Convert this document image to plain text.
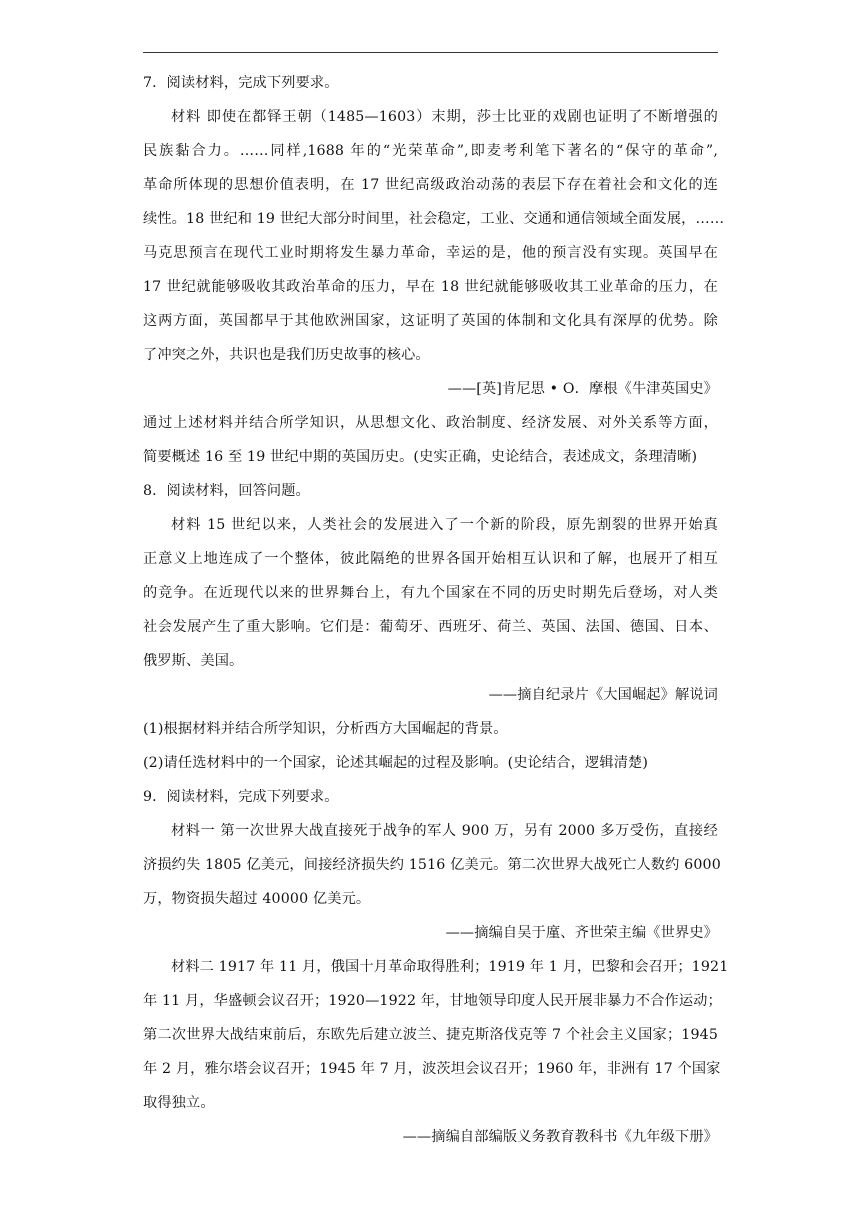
7．阅读材料，完成下列要求。
材料 即使在都铎王朝（1485—1603）末期，莎士比亚的戏剧也证明了不断增强的
民族黏合力。……同样,1688 年的“光荣革命”,即麦考利笔下著名的“保守的革命”,
革命所体现的思想价值表明，在 17 世纪高级政治动荡的表层下存在着社会和文化的连
续性。18 世纪和 19 世纪大部分时间里，社会稳定，工业、交通和通信领域全面发展，……
马克思预言在现代工业时期将发生暴力革命，幸运的是，他的预言没有实现。英国早在
17 世纪就能够吸收其政治革命的压力，早在 18 世纪就能够吸收其工业革命的压力，在
这两方面，英国都早于其他欧洲国家，这证明了英国的体制和文化具有深厚的优势。除
了冲突之外，共识也是我们历史故事的核心。
——[英]肯尼思 • O．摩根《牛津英国史》
通过上述材料并结合所学知识，从思想文化、政治制度、经济发展、对外关系等方面，
简要概述 16 至 19 世纪中期的英国历史。(史实正确，史论结合，表述成文，条理清晰)
8．阅读材料，回答问题。
材料 15 世纪以来，人类社会的发展进入了一个新的阶段，原先割裂的世界开始真
正意义上地连成了一个整体，彼此隔绝的世界各国开始相互认识和了解，也展开了相互
的竞争。在近现代以来的世界舞台上，有九个国家在不同的历史时期先后登场，对人类
社会发展产生了重大影响。它们是：葡萄牙、西班牙、荷兰、英国、法国、德国、日本、
俄罗斯、美国。
——摘自纪录片《大国崛起》解说词
(1)根据材料并结合所学知识，分析西方大国崛起的背景。
(2)请任选材料中的一个国家，论述其崛起的过程及影响。(史论结合，逻辑清楚)
9．阅读材料，完成下列要求。
材料一 第一次世界大战直接死于战争的军人 900 万，另有 2000 多万受伤，直接经
济损约失 1805 亿美元，间接经济损失约 1516 亿美元。第二次世界大战死亡人数约 6000
万，物资损失超过 40000 亿美元。
——摘编自吴于廑、齐世荣主编《世界史》
材料二 1917 年 11 月，俄国十月革命取得胜利；1919 年 1 月，巴黎和会召开；1921
年 11 月，华盛顿会议召开；1920—1922 年，甘地领导印度人民开展非暴力不合作运动；
第二次世界大战结束前后，东欧先后建立波兰、捷克斯洛伐克等 7 个社会主义国家；1945
年 2 月，雅尔塔会议召开；1945 年 7 月，波茨坦会议召开；1960 年，非洲有 17 个国家
取得独立。
——摘编自部编版义务教育教科书《九年级下册》
